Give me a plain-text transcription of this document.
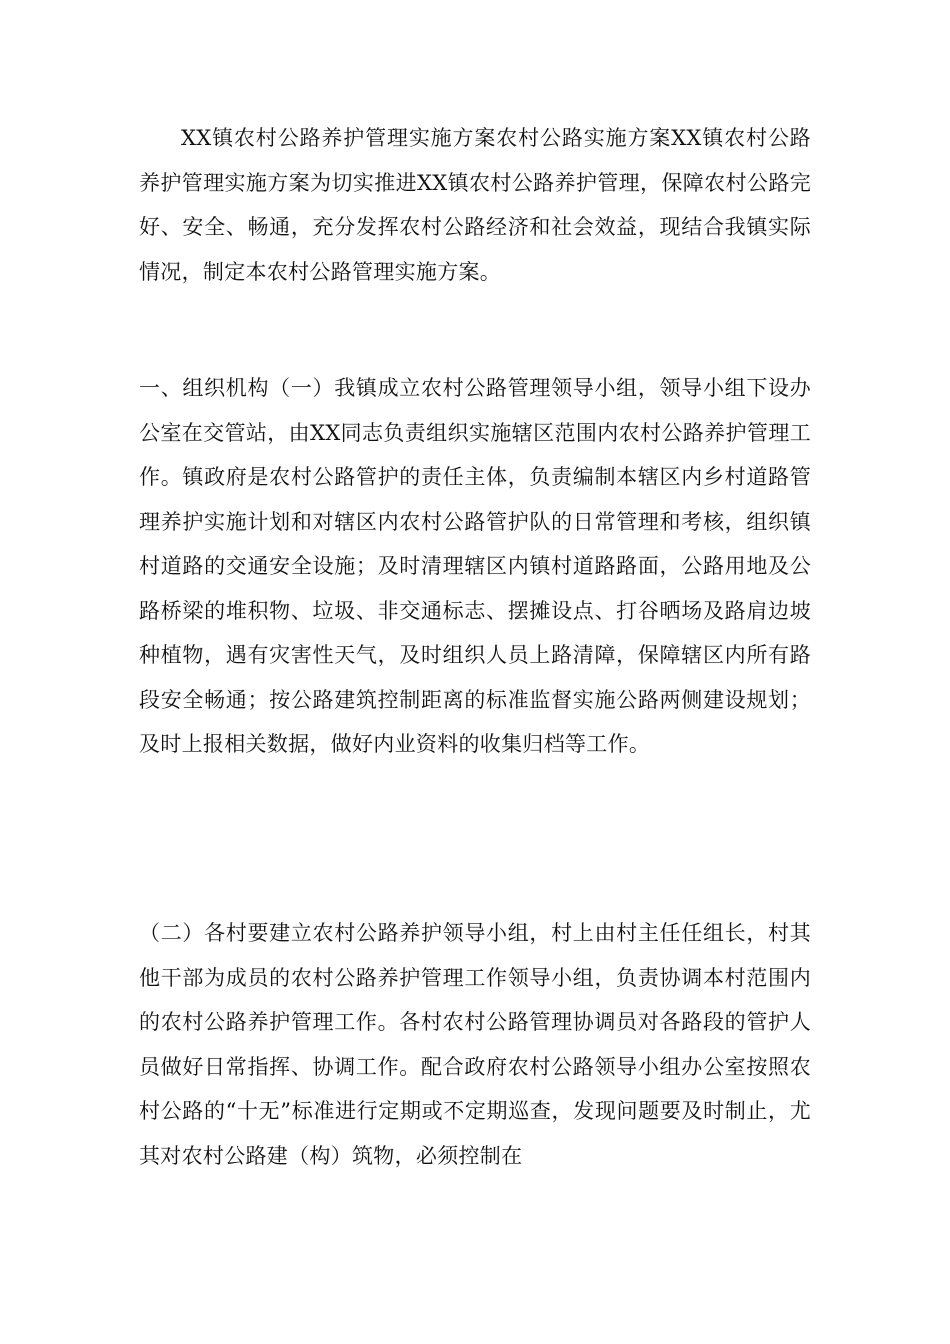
XX镇农村公路养护管理实施方案农村公路实施方案XX镇农村公路养护管理实施方案为切实推进XX镇农村公路养护管理，保障农村公路完好、安全、畅通，充分发挥农村公路经济和社会效益，现结合我镇实际情况，制定本农村公路管理实施方案。

一、组织机构（一）我镇成立农村公路管理领导小组，领导小组下设办公室在交管站，由XX同志负责组织实施辖区范围内农村公路养护管理工作。镇政府是农村公路管护的责任主体，负责编制本辖区内乡村道路管理养护实施计划和对辖区内农村公路管护队的日常管理和考核，组织镇村道路的交通安全设施；及时清理辖区内镇村道路路面，公路用地及公路桥梁的堆积物、垃圾、非交通标志、摆摊设点、打谷晒场及路肩边坡种植物，遇有灾害性天气，及时组织人员上路清障，保障辖区内所有路段安全畅通；按公路建筑控制距离的标准监督实施公路两侧建设规划；及时上报相关数据，做好内业资料的收集归档等工作。

（二）各村要建立农村公路养护领导小组，村上由村主任任组长，村其他干部为成员的农村公路养护管理工作领导小组，负责协调本村范围内的农村公路养护管理工作。各村农村公路管理协调员对各路段的管护人员做好日常指挥、协调工作。配合政府农村公路领导小组办公室按照农村公路的“十无”标准进行定期或不定期巡查，发现问题要及时制止，尤其对农村公路建（构）筑物，必须控制在
